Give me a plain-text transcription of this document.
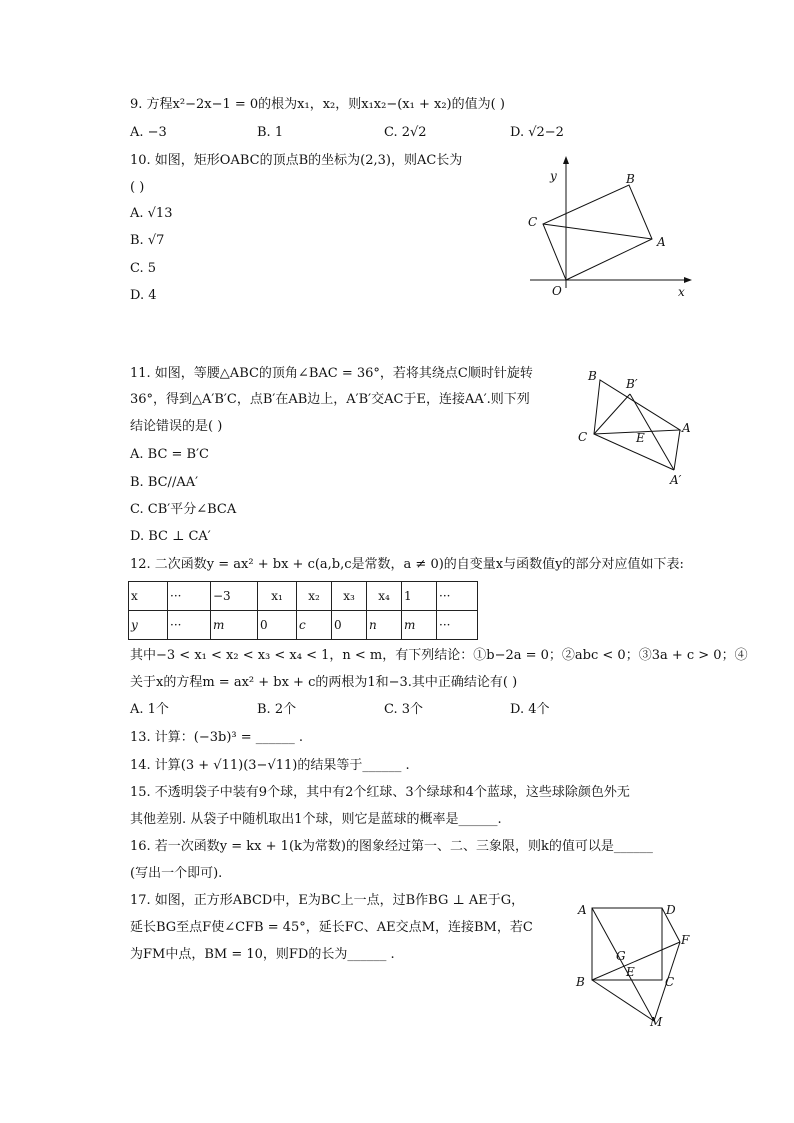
9. 方程x²−2x−1 = 0的根为x₁，x₂，则x₁x₂−(x₁ + x₂)的值为( )
A. −3	B. 1	C. 2√2	D. √2−2
10. 如图，矩形OABC的顶点B的坐标为(2,3)，则AC长为
( )
A. √13
B. √7
C. 5
D. 4
y
x
O
A
B
C
11. 如图，等腰△ABC的顶角∠BAC = 36°，若将其绕点C顺时针旋转
36°，得到△A′B′C，点B′在AB边上，A′B′交AC于E，连接AA′.则下列
结论错误的是( )
A. BC = B′C
B. BC//AA′
C. CB′平分∠BCA
D. BC ⊥ CA′
B
B′
A
C	E
A′
12. 二次函数y = ax² + bx + c(a,b,c是常数，a ≠ 0)的自变量x与函数值y的部分对应值如下表:
x	···	−3	x₁	x₂	x₃	x₄	1	···
y	···	m	0	c	0	n	m	···
其中−3 < x₁ < x₂ < x₃ < x₄ < 1，n < m，有下列结论：①b−2a = 0；②abc < 0；③3a + c > 0；④
关于x的方程m = ax² + bx + c的两根为1和−3.其中正确结论有( )
A. 1个	B. 2个	C. 3个	D. 4个
13. 计算：(−3b)³ = ______ .
14. 计算(3 + √11)(3−√11)的结果等于______ .
15. 不透明袋子中装有9个球，其中有2个红球、3个绿球和4个蓝球，这些球除颜色外无
其他差别. 从袋子中随机取出1个球，则它是蓝球的概率是______.
16. 若一次函数y = kx + 1(k为常数)的图象经过第一、二、三象限，则k的值可以是______
(写出一个即可).
17. 如图，正方形ABCD中，E为BC上一点，过B作BG ⊥ AE于G，
延长BG至点F使∠CFB = 45°，延长FC、AE交点M，连接BM，若C
为FM中点，BM = 10，则FD的长为______ .
A	D
F
G
B
E
C
M
